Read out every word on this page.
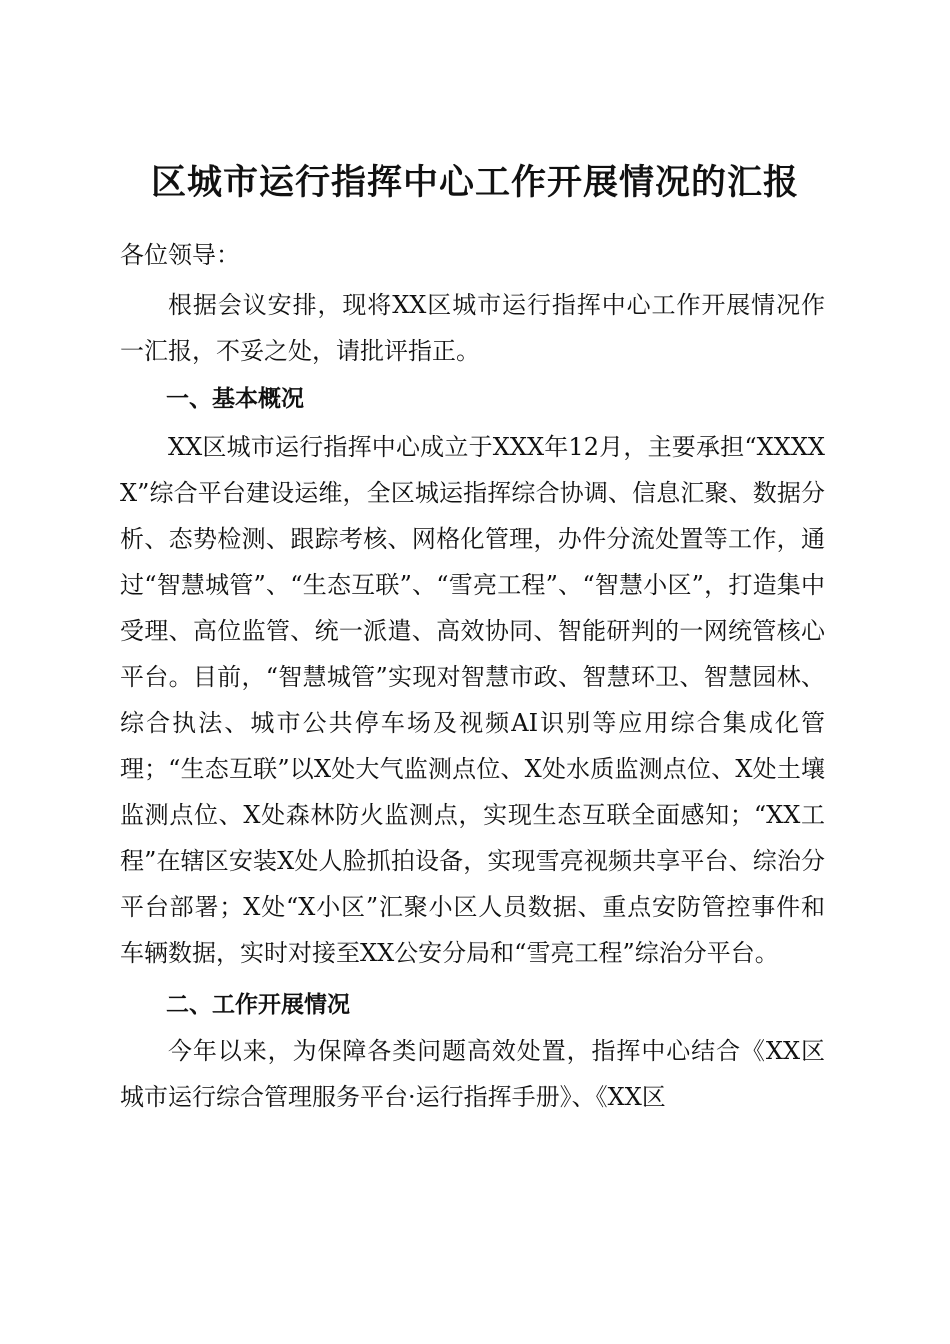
区城市运行指挥中心工作开展情况的汇报

各位领导：

根据会议安排，现将XX区城市运行指挥中心工作开展情况作一汇报，不妥之处，请批评指正。

一、基本概况

XX区城市运行指挥中心成立于XXX年12月，主要承担“XXXXX”综合平台建设运维，全区城运指挥综合协调、信息汇聚、数据分析、态势检测、跟踪考核、网格化管理，办件分流处置等工作，通过“智慧城管”、“生态互联”、“雪亮工程”、“智慧小区”，打造集中受理、高位监管、统一派遣、高效协同、智能研判的一网统管核心平台。目前，“智慧城管”实现对智慧市政、智慧环卫、智慧园林、综合执法、城市公共停车场及视频AI识别等应用综合集成化管理；“生态互联”以X处大气监测点位、X处水质监测点位、X处土壤监测点位、X处森林防火监测点，实现生态互联全面感知；“XX工程”在辖区安装X处人脸抓拍设备，实现雪亮视频共享平台、综治分平台部署；X处“X小区”汇聚小区人员数据、重点安防管控事件和车辆数据，实时对接至XX公安分局和“雪亮工程”综治分平台。

二、工作开展情况

今年以来，为保障各类问题高效处置，指挥中心结合《XX区城市运行综合管理服务平台·运行指挥手册》、《XX区
